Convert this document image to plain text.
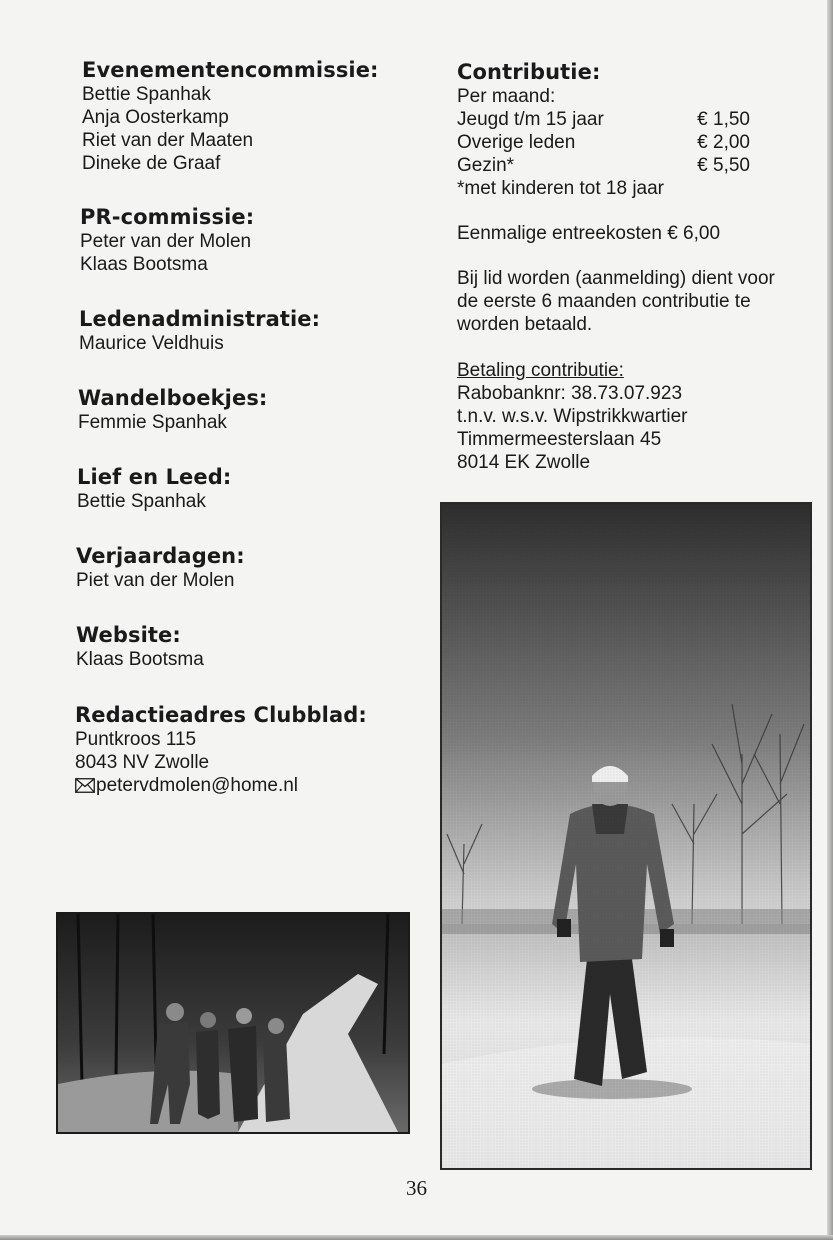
Evenementencommissie:

Bettie Spanhak

Anja Oosterkamp

Riet van der Maaten

Dineke de Graaf

PR-commissie:

Peter van der Molen

Klaas Bootsma

Ledenadministratie:

Maurice Veldhuis

Wandelboekjes:

Femmie Spanhak

Lief en Leed:

Bettie Spanhak

Verjaardagen:

Piet van der Molen

Website:

Klaas Bootsma

Redactieadres Clubblad:

Puntkroos 115

8043 NV Zwolle

petervdmolen@home.nl

Contributie:

Per maand:

Jeugd t/m 15 jaar	€ 1,50
Overige leden	€ 2,00
Gezin*	€ 5,50

*met kinderen tot 18 jaar

Eenmalige entreekosten € 6,00

Bij lid worden (aanmelding) dient voor

de eerste 6 maanden contributie te

worden betaald.

Betaling contributie:

Rabobanknr: 38.73.07.923

t.n.v. w.s.v. Wipstrikkwartier

Timmermeesterslaan 45

8014 EK Zwolle

36
